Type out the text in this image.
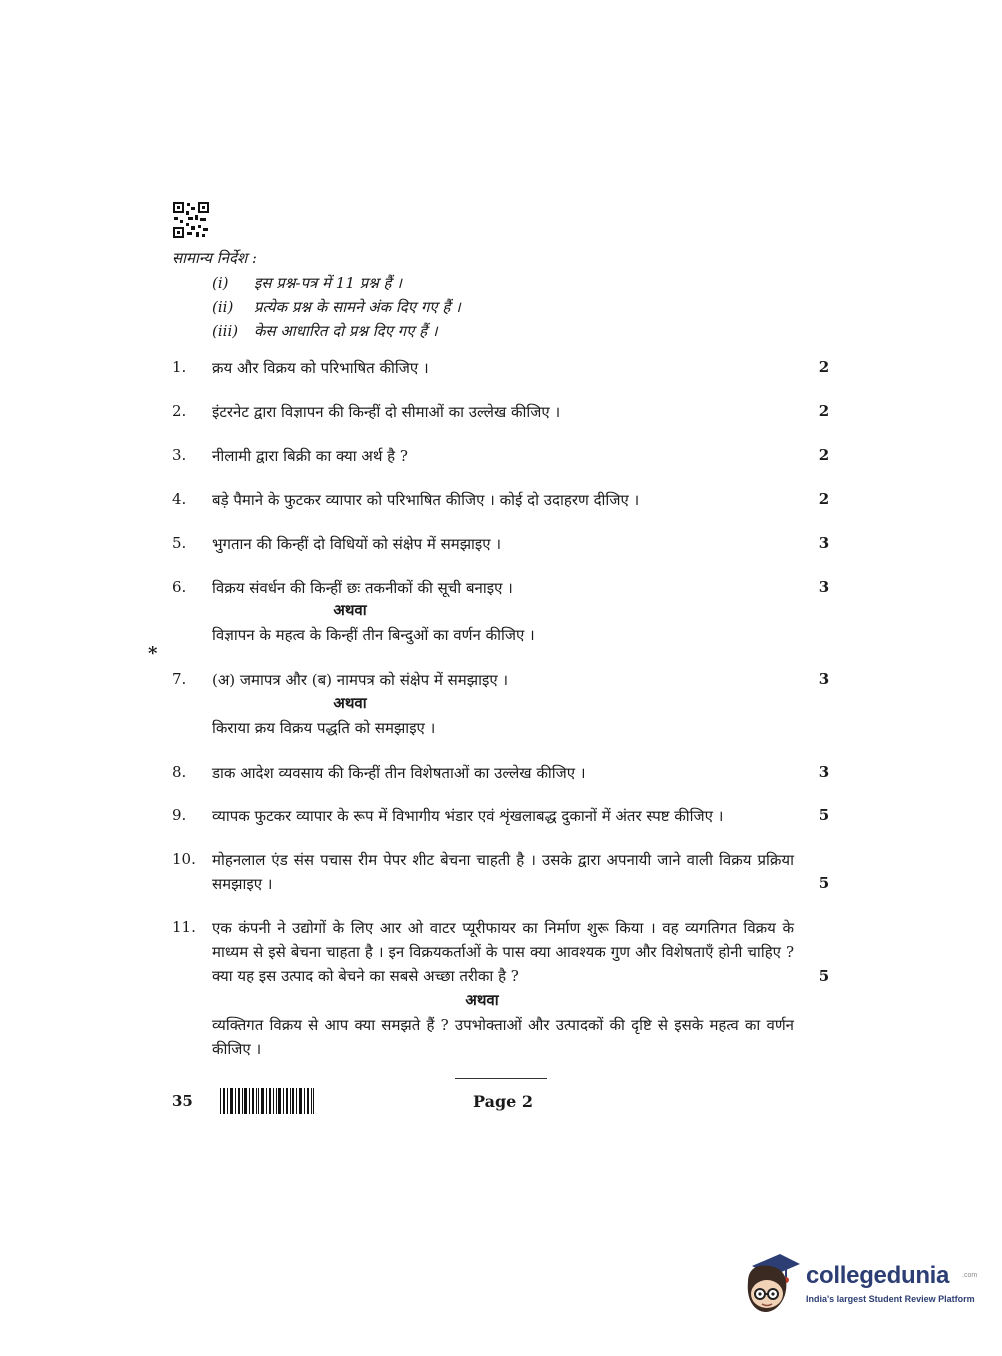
सामान्य निर्देश :
(i) इस प्रश्न-पत्र में 11 प्रश्न हैं ।
(ii) प्रत्येक प्रश्न के सामने अंक दिए गए हैं ।
(iii) केस आधारित दो प्रश्न दिए गए हैं ।
1.	क्रय और विक्रय को परिभाषित कीजिए ।	2
2.	इंटरनेट द्वारा विज्ञापन की किन्हीं दो सीमाओं का उल्लेख कीजिए ।	2
3.	नीलामी द्वारा बिक्री का क्या अर्थ है ?	2
4.	बड़े पैमाने के फुटकर व्यापार को परिभाषित कीजिए । कोई दो उदाहरण दीजिए ।	2
5.	भुगतान की किन्हीं दो विधियों को संक्षेप में समझाइए ।	3
6.	विक्रय संवर्धन की किन्हीं छः तकनीकों की सूची बनाइए ।	3
अथवा
विज्ञापन के महत्व के किन्हीं तीन बिन्दुओं का वर्णन कीजिए ।
*
7.	(अ) जमापत्र और (ब) नामपत्र को संक्षेप में समझाइए ।	3
अथवा
किराया क्रय विक्रय पद्धति को समझाइए ।
8.	डाक आदेश व्यवसाय की किन्हीं तीन विशेषताओं का उल्लेख कीजिए ।	3
9.	व्यापक फुटकर व्यापार के रूप में विभागीय भंडार एवं शृंखलाबद्ध दुकानों में अंतर स्पष्ट कीजिए ।	5
10.	मोहनलाल एंड संस पचास रीम पेपर शीट बेचना चाहती है । उसके द्वारा अपनायी जाने वाली विक्रय प्रक्रिया समझाइए ।	5
11.	एक कंपनी ने उद्योगों के लिए आर ओ वाटर प्यूरीफायर का निर्माण शुरू किया । वह व्यगतिगत विक्रय के माध्यम से इसे बेचना चाहता है । इन विक्रयकर्ताओं के पास क्या आवश्यक गुण और विशेषताएँ होनी चाहिए ? क्या यह इस उत्पाद को बेचने का सबसे अच्छा तरीका है ?	5
अथवा
व्यक्तिगत विक्रय से आप क्या समझते हैं ? उपभोक्ताओं और उत्पादकों की दृष्टि से इसके महत्व का वर्णन कीजिए ।
35	Page 2
collegedunia .com
India's largest Student Review Platform
